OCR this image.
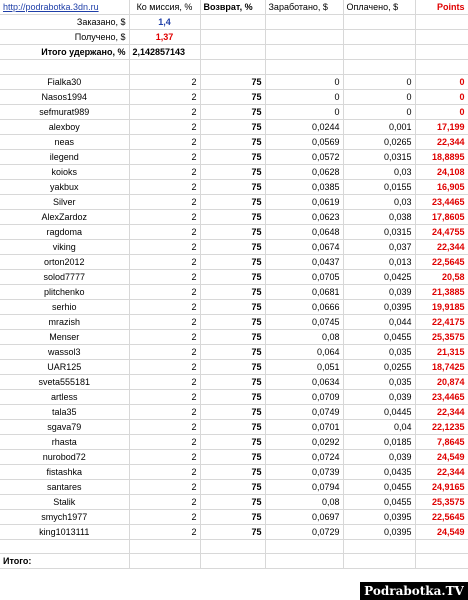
http://podrabotka.3dn.ru	Ко миссия, %	Возврат, %	Заработано, $	Оплачено, $	Points
Заказано, $	1,4				
Получено, $	1,37				
Итого удержано, %	2,142857143				

Fialka30	2	75	0	0	0
Nasos1994	2	75	0	0	0
sefmurat989	2	75	0	0	0
alexboy	2	75	0,0244	0,001	17,199
neas	2	75	0,0569	0,0265	22,344
ilegend	2	75	0,0572	0,0315	18,8895
koioks	2	75	0,0628	0,03	24,108
yakbux	2	75	0,0385	0,0155	16,905
Silver	2	75	0,0619	0,03	23,4465
AlexZardoz	2	75	0,0623	0,038	17,8605
ragdoma	2	75	0,0648	0,0315	24,4755
viking	2	75	0,0674	0,037	22,344
orton2012	2	75	0,0437	0,013	22,5645
solod7777	2	75	0,0705	0,0425	20,58
plitchenko	2	75	0,0681	0,039	21,3885
serhio	2	75	0,0666	0,0395	19,9185
mrazish	2	75	0,0745	0,044	22,4175
Menser	2	75	0,08	0,0455	25,3575
wassol3	2	75	0,064	0,035	21,315
UAR125	2	75	0,051	0,0255	18,7425
sveta555181	2	75	0,0634	0,035	20,874
artless	2	75	0,0709	0,039	23,4465
tala35	2	75	0,0749	0,0445	22,344
sgava79	2	75	0,0701	0,04	22,1235
rhasta	2	75	0,0292	0,0185	7,8645
nurobod72	2	75	0,0724	0,039	24,549
fistashka	2	75	0,0739	0,0435	22,344
santares	2	75	0,0794	0,0455	24,9165
Stalik	2	75	0,08	0,0455	25,3575
smych1977	2	75	0,0697	0,0395	22,5645
king1013111	2	75	0,0729	0,0395	24,549

Итого:					
Podrabotka.TV
